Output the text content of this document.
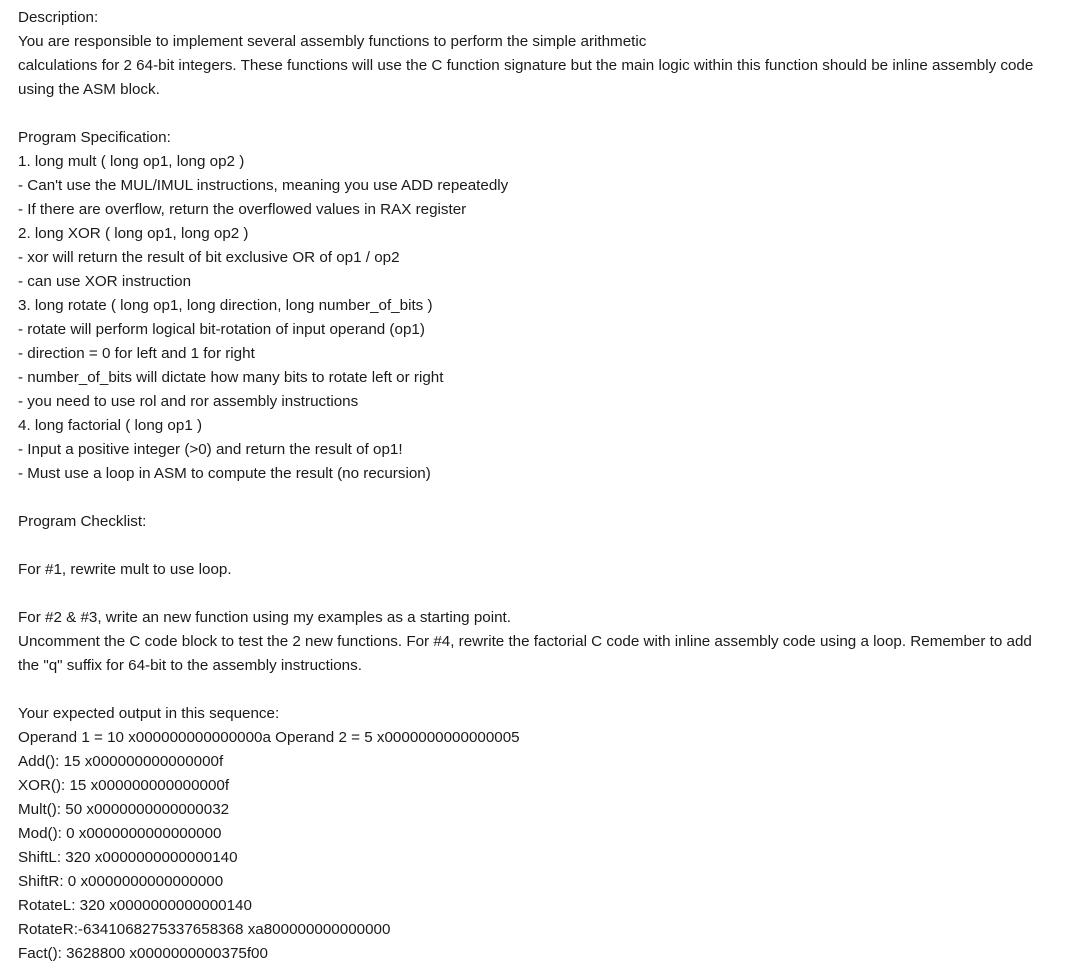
Description:
You are responsible to implement several assembly functions to perform the simple arithmetic
calculations for 2 64-bit integers. These functions will use the C function signature but the main logic within this function should be inline assembly code
using the ASM block.
Program Specification:
1. long mult ( long op1, long op2 )
- Can't use the MUL/IMUL instructions, meaning you use ADD repeatedly
- If there are overflow, return the overflowed values in RAX register
2. long XOR ( long op1, long op2 )
- xor will return the result of bit exclusive OR of op1 / op2
- can use XOR instruction
3. long rotate ( long op1, long direction, long number_of_bits )
- rotate will perform logical bit-rotation of input operand (op1)
- direction = 0 for left and 1 for right
- number_of_bits will dictate how many bits to rotate left or right
- you need to use rol and ror assembly instructions
4. long factorial ( long op1 )
- Input a positive integer (>0) and return the result of op1!
- Must use a loop in ASM to compute the result (no recursion)
Program Checklist:
For #1, rewrite mult to use loop.
For #2 & #3, write an new function using my examples as a starting point.
Uncomment the C code block to test the 2 new functions. For #4, rewrite the factorial C code with inline assembly code using a loop. Remember to add
the "q" suffix for 64-bit to the assembly instructions.
Your expected output in this sequence:
Operand 1 = 10 x000000000000000a Operand 2 = 5 x0000000000000005
Add(): 15 x000000000000000f
XOR(): 15 x000000000000000f
Mult(): 50 x0000000000000032
Mod(): 0 x0000000000000000
ShiftL: 320 x0000000000000140
ShiftR: 0 x0000000000000000
RotateL: 320 x0000000000000140
RotateR:-6341068275337658368 xa800000000000000
Fact(): 3628800 x0000000000375f00
